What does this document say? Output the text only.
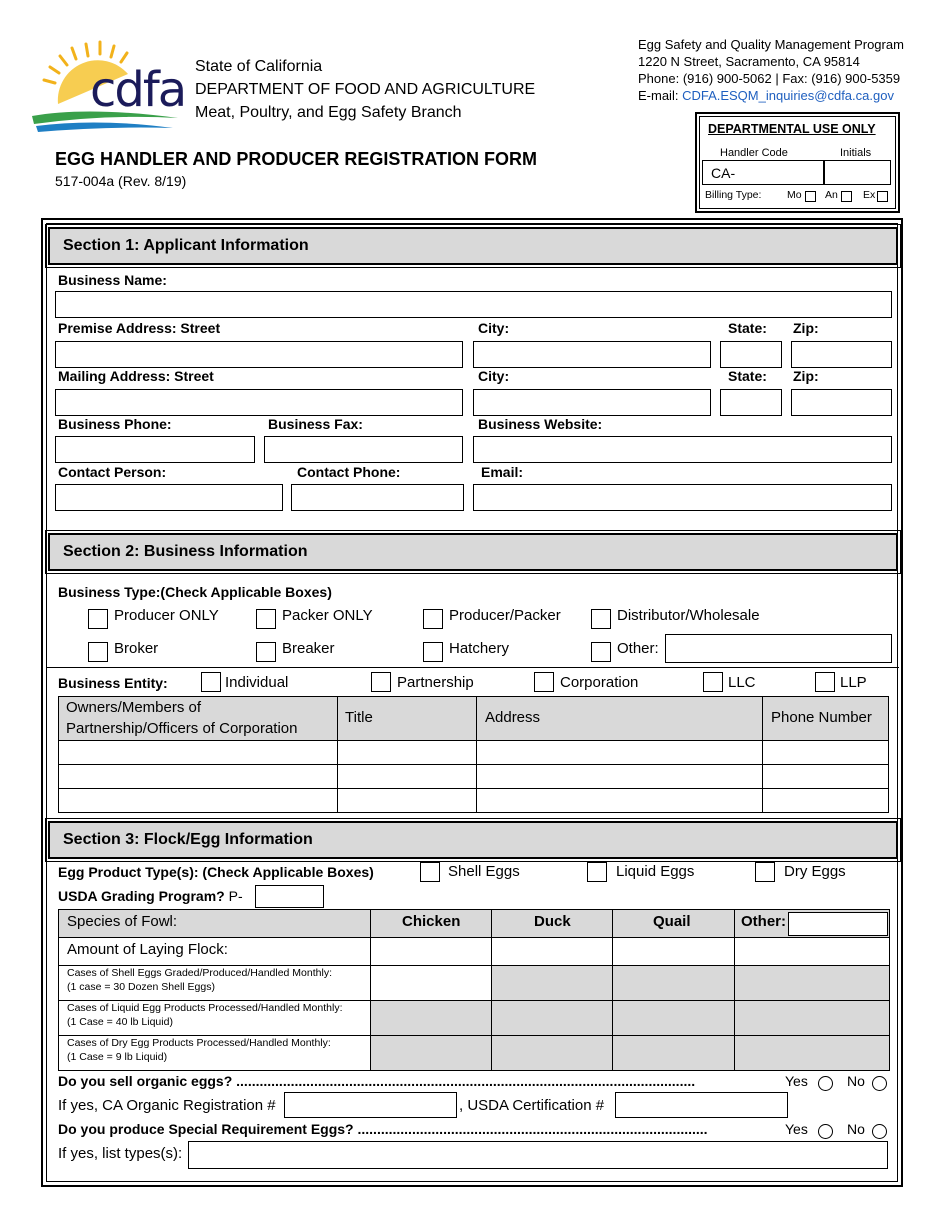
cdfa State of California
DEPARTMENT OF FOOD AND AGRICULTURE
Meat, Poultry, and Egg Safety Branch
EGG HANDLER AND PRODUCER REGISTRATION FORM
517-004a (Rev. 8/19)
Egg Safety and Quality Management Program
1220 N Street, Sacramento, CA 95814
Phone: (916) 900-5062 | Fax: (916) 900-5359
E-mail: CDFA.ESQM_inquiries@cdfa.ca.gov
DEPARTMENTAL USE ONLY
Handler Code	Initials
CA-
Billing Type: Mo An Ex
Section 1: Applicant Information
Business Name:
Premise Address: Street	City:	State: Zip:
Mailing Address: Street	City:	State: Zip:
Business Phone:	Business Fax:	Business Website:
Contact Person:	Contact Phone:	Email:
Section 2: Business Information
Business Type:(Check Applicable Boxes)
Producer ONLY	Packer ONLY	Producer/Packer	Distributor/Wholesale
Broker	Breaker	Hatchery	Other:
Business Entity:	Individual	Partnership	Corporation	LLC	LLP
Owners/Members of
Partnership/Officers of Corporation
Title	Address	Phone Number
Section 3: Flock/Egg Information
Egg Product Type(s): (Check Applicable Boxes)	Shell Eggs	Liquid Eggs	Dry Eggs
USDA Grading Program? P-
Species of Fowl:	Chicken	Duck	Quail	Other:
Amount of Laying Flock:
Cases of Shell Eggs Graded/Produced/Handled Monthly:
(1 case = 30 Dozen Shell Eggs)
Cases of Liquid Egg Products Processed/Handled Monthly:
(1 Case = 40 lb Liquid)
Cases of Dry Egg Products Processed/Handled Monthly:
(1 Case = 9 lb Liquid)
Do you sell organic eggs? ......................................................................................................................	Yes	No
If yes, CA Organic Registration #	, USDA Certification #
Do you produce Special Requirement Eggs? ..........................................................................................	Yes	No
If yes, list types(s):
